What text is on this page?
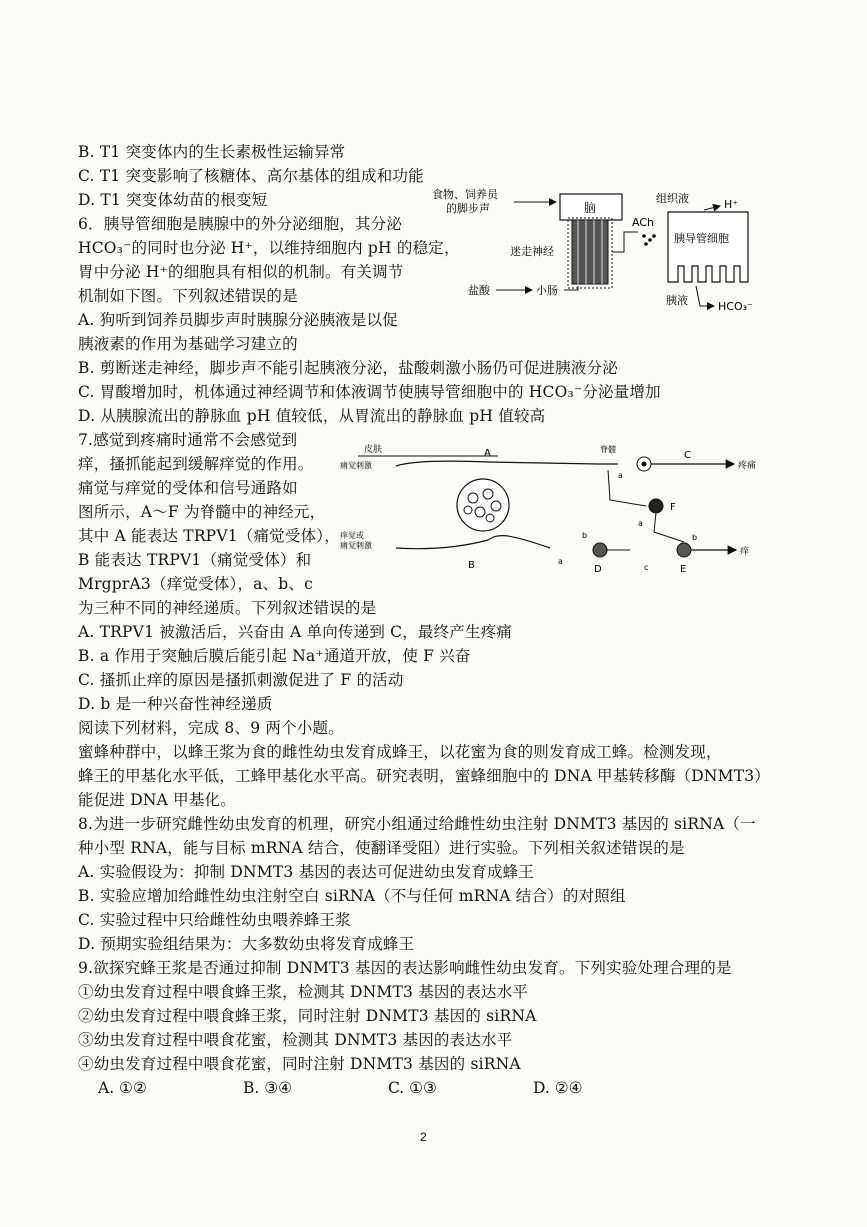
B. T1 突变体内的生长素极性运输异常
C. T1 突变影响了核糖体、高尔基体的组成和功能
D. T1 突变体幼苗的根变短
6．胰导管细胞是胰腺中的外分泌细胞，其分泌
HCO₃⁻的同时也分泌 H⁺，以维持细胞内 pH 的稳定，
胃中分泌 H⁺的细胞具有相似的机制。有关调节
机制如下图。下列叙述错误的是
A. 狗听到饲养员脚步声时胰腺分泌胰液是以促
胰液素的作用为基础学习建立的
B. 剪断迷走神经，脚步声不能引起胰液分泌，盐酸刺激小肠仍可促进胰液分泌
C. 胃酸增加时，机体通过神经调节和体液调节使胰导管细胞中的 HCO₃⁻分泌量增加
D. 从胰腺流出的静脉血 pH 值较低，从胃流出的静脉血 pH 值较高
7.感觉到疼痛时通常不会感觉到
痒，搔抓能起到缓解痒觉的作用。
痛觉与痒觉的受体和信号通路如
图所示，A～F 为脊髓中的神经元，
其中 A 能表达 TRPV1（痛觉受体），
B 能表达 TRPV1（痛觉受体）和
MrgprA3（痒觉受体），a、b、c
为三种不同的神经递质。下列叙述错误的是
A. TRPV1 被激活后，兴奋由 A 单向传递到 C，最终产生疼痛
B. a 作用于突触后膜后能引起 Na⁺通道开放，使 F 兴奋
C. 搔抓止痒的原因是搔抓刺激促进了 F 的活动
D. b 是一种兴奋性神经递质
阅读下列材料，完成 8、9 两个小题。
蜜蜂种群中，以蜂王浆为食的雌性幼虫发育成蜂王，以花蜜为食的则发育成工蜂。检测发现，
蜂王的甲基化水平低，工蜂甲基化水平高。研究表明，蜜蜂细胞中的 DNA 甲基转移酶（DNMT3）
能促进 DNA 甲基化。
8.为进一步研究雌性幼虫发育的机理，研究小组通过给雌性幼虫注射 DNMT3 基因的 siRNA（一
种小型 RNA，能与目标 mRNA 结合，使翻译受阻）进行实验。下列相关叙述错误的是
A. 实验假设为：抑制 DNMT3 基因的表达可促进幼虫发育成蜂王
B. 实验应增加给雌性幼虫注射空白 siRNA（不与任何 mRNA 结合）的对照组
C. 实验过程中只给雌性幼虫喂养蜂王浆
D. 预期实验组结果为：大多数幼虫将发育成蜂王
9.欲探究蜂王浆是否通过抑制 DNMT3 基因的表达影响雌性幼虫发育。下列实验处理合理的是
①幼虫发育过程中喂食蜂王浆，检测其 DNMT3 基因的表达水平
②幼虫发育过程中喂食蜂王浆，同时注射 DNMT3 基因的 siRNA
③幼虫发育过程中喂食花蜜，检测其 DNMT3 基因的表达水平
④幼虫发育过程中喂食花蜜，同时注射 DNMT3 基因的 siRNA
A. ①②	B. ③④	C. ①③	D. ②④
食物、饲养员
的脚步声	脑
迷走神经
盐酸	小肠
ACh
组织液	H⁺
胰导管细胞
胰液	HCO₃⁻
皮肤
痛觉刺激
A	脊髓
C
疼痛
a
F
痒觉或
痛觉刺激
B	a
D
b
c	E
b
痒
a
2
